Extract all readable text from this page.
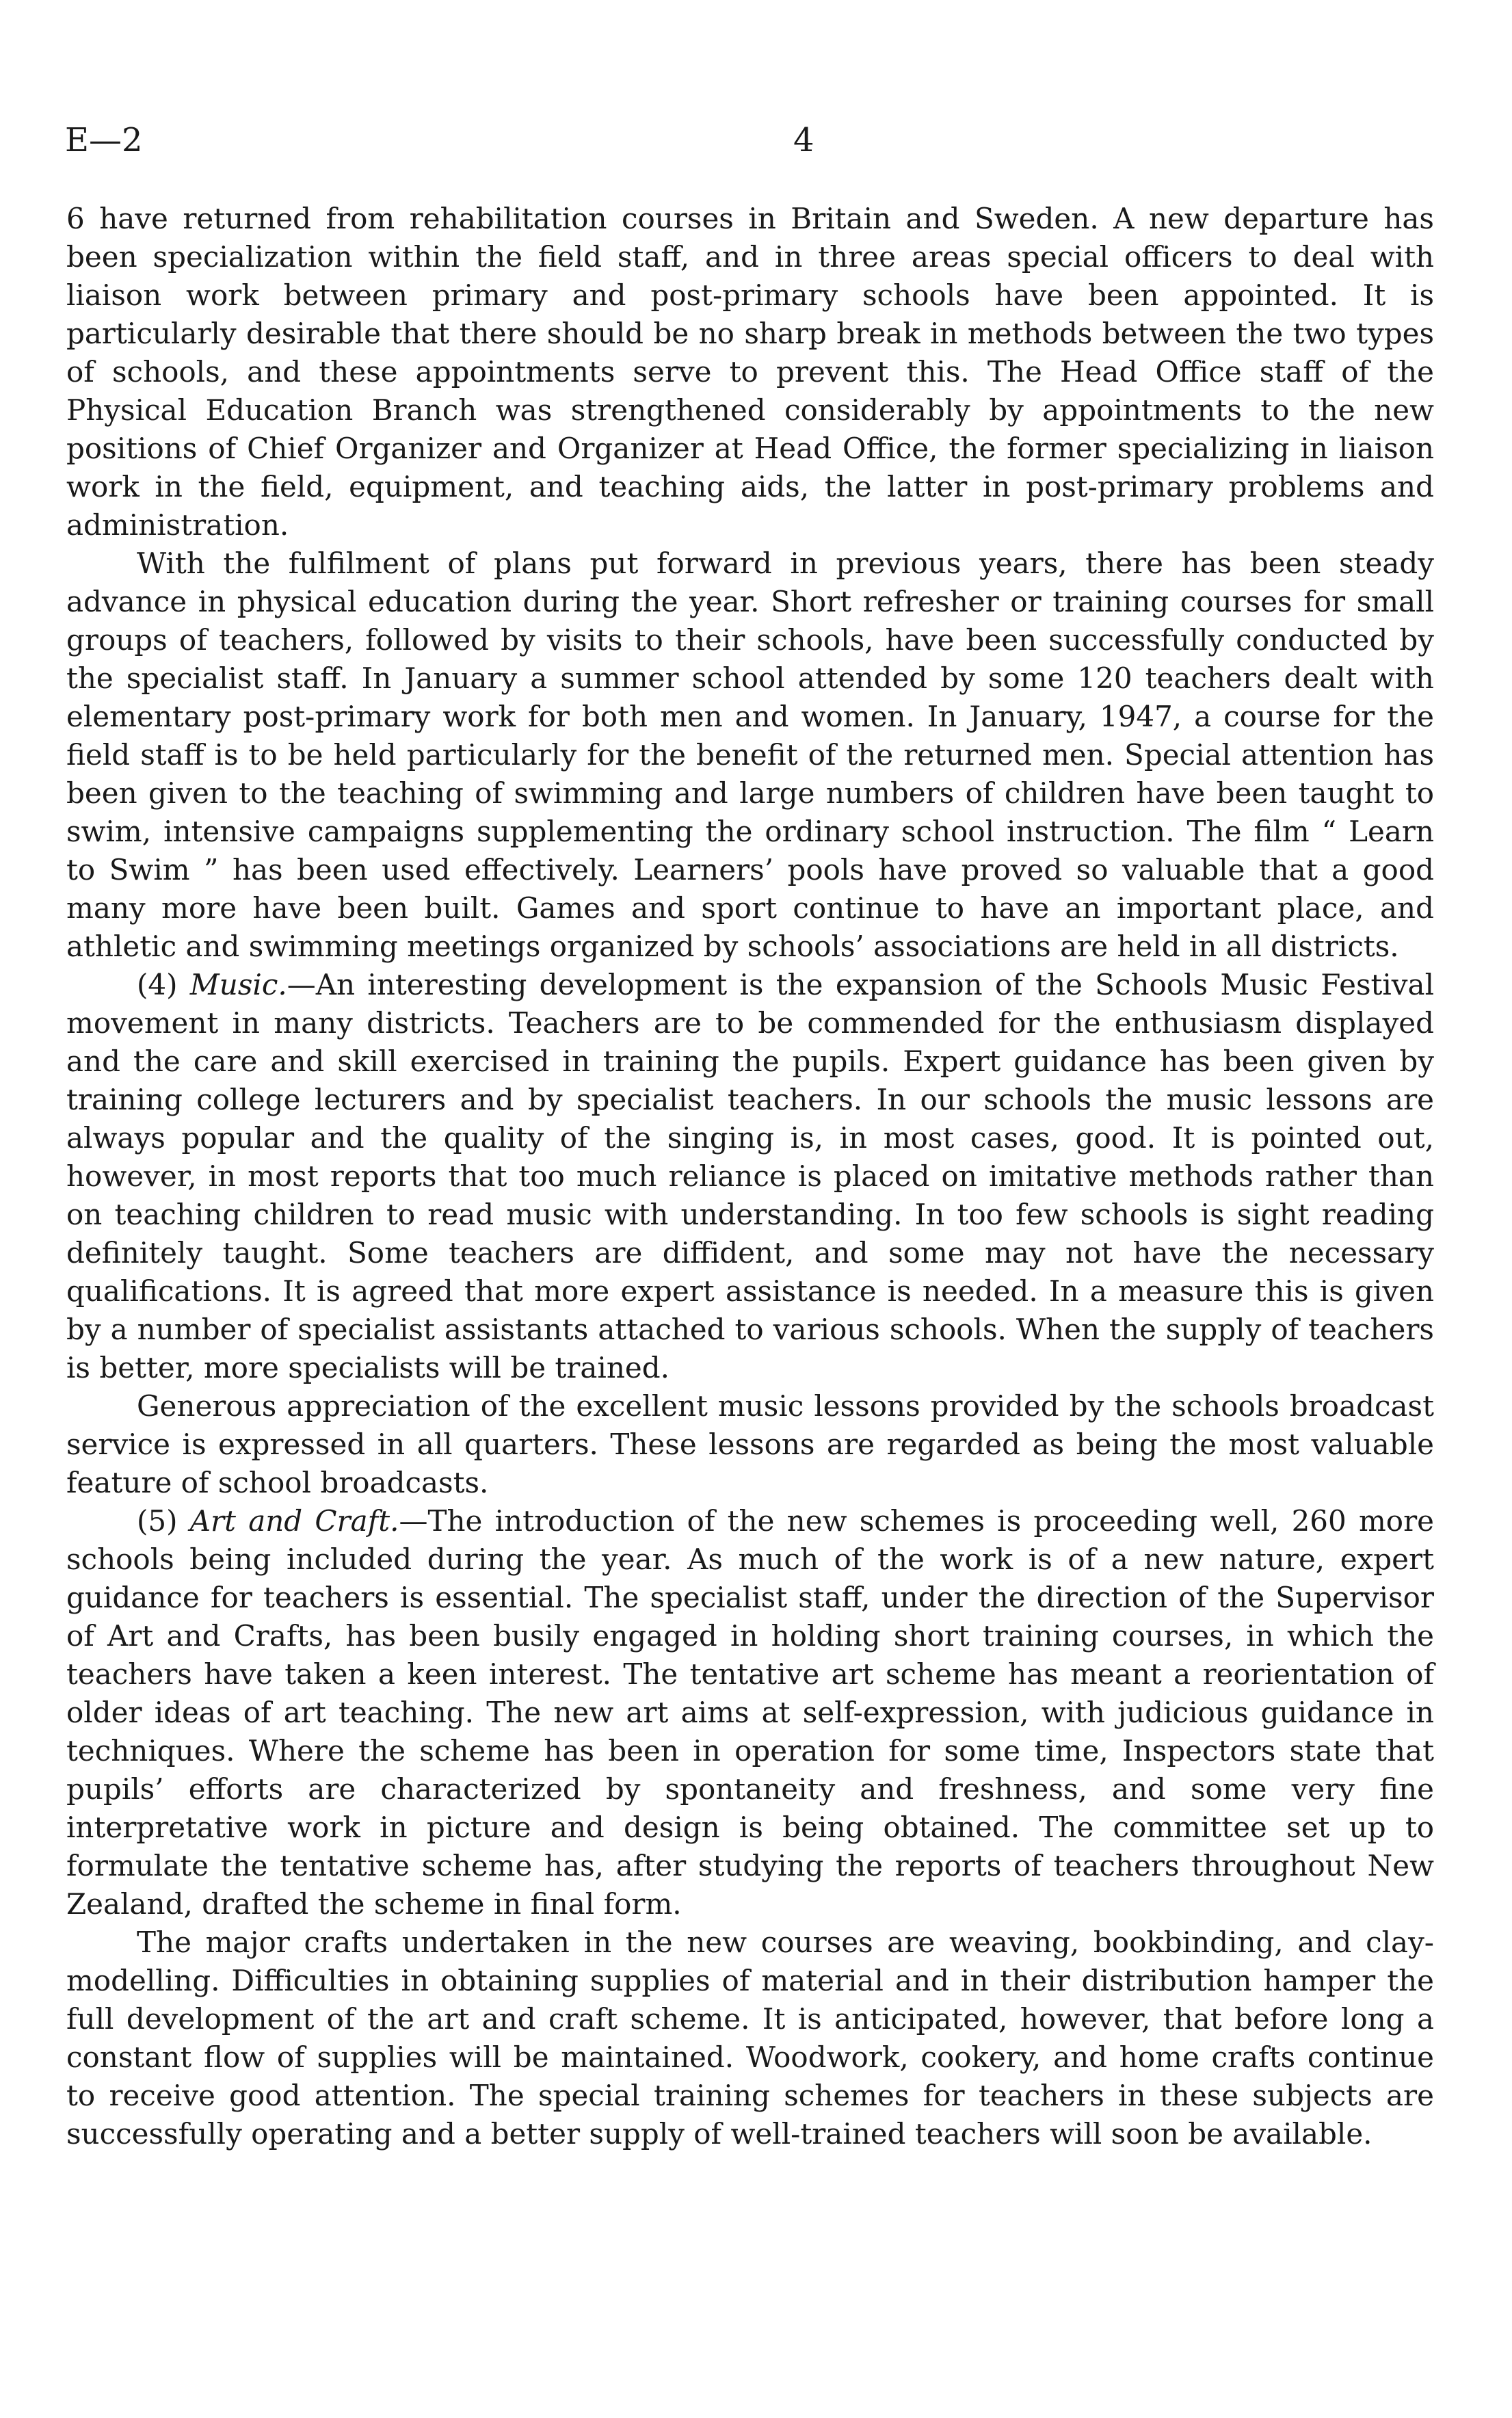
E—2	4

6 have returned from rehabilitation courses in Britain and Sweden. A new departure has been specialization within the field staff, and in three areas special officers to deal with liaison work between primary and post-primary schools have been appointed. It is particularly desirable that there should be no sharp break in methods between the two types of schools, and these appointments serve to prevent this. The Head Office staff of the Physical Education Branch was strengthened considerably by appointments to the new positions of Chief Organizer and Organizer at Head Office, the former specializing in liaison work in the field, equipment, and teaching aids, the latter in post-primary problems and administration.

With the fulfilment of plans put forward in previous years, there has been steady advance in physical education during the year. Short refresher or training courses for small groups of teachers, followed by visits to their schools, have been successfully conducted by the specialist staff. In January a summer school attended by some 120 teachers dealt with elementary post-primary work for both men and women. In January, 1947, a course for the field staff is to be held particularly for the benefit of the returned men. Special attention has been given to the teaching of swimming and large numbers of children have been taught to swim, intensive campaigns supplementing the ordinary school instruction. The film “ Learn to Swim ” has been used effectively. Learners’ pools have proved so valuable that a good many more have been built. Games and sport continue to have an important place, and athletic and swimming meetings organized by schools’ associations are held in all districts.

(4) Music.—An interesting development is the expansion of the Schools Music Festival movement in many districts. Teachers are to be commended for the enthusiasm displayed and the care and skill exercised in training the pupils. Expert guidance has been given by training college lecturers and by specialist teachers. In our schools the music lessons are always popular and the quality of the singing is, in most cases, good. It is pointed out, however, in most reports that too much reliance is placed on imitative methods rather than on teaching children to read music with understanding. In too few schools is sight reading definitely taught. Some teachers are diffident, and some may not have the necessary qualifications. It is agreed that more expert assistance is needed. In a measure this is given by a number of specialist assistants attached to various schools. When the supply of teachers is better, more specialists will be trained.

Generous appreciation of the excellent music lessons provided by the schools broadcast service is expressed in all quarters. These lessons are regarded as being the most valuable feature of school broadcasts.

(5) Art and Craft.—The introduction of the new schemes is proceeding well, 260 more schools being included during the year. As much of the work is of a new nature, expert guidance for teachers is essential. The specialist staff, under the direction of the Supervisor of Art and Crafts, has been busily engaged in holding short training courses, in which the teachers have taken a keen interest. The tentative art scheme has meant a reorientation of older ideas of art teaching. The new art aims at self-expression, with judicious guidance in techniques. Where the scheme has been in operation for some time, Inspectors state that pupils’ efforts are characterized by spontaneity and freshness, and some very fine interpretative work in picture and design is being obtained. The committee set up to formulate the tentative scheme has, after studying the reports of teachers throughout New Zealand, drafted the scheme in final form.

The major crafts undertaken in the new courses are weaving, bookbinding, and clay-modelling. Difficulties in obtaining supplies of material and in their distribution hamper the full development of the art and craft scheme. It is anticipated, however, that before long a constant flow of supplies will be maintained. Woodwork, cookery, and home crafts continue to receive good attention. The special training schemes for teachers in these subjects are successfully operating and a better supply of well-trained teachers will soon be available.
